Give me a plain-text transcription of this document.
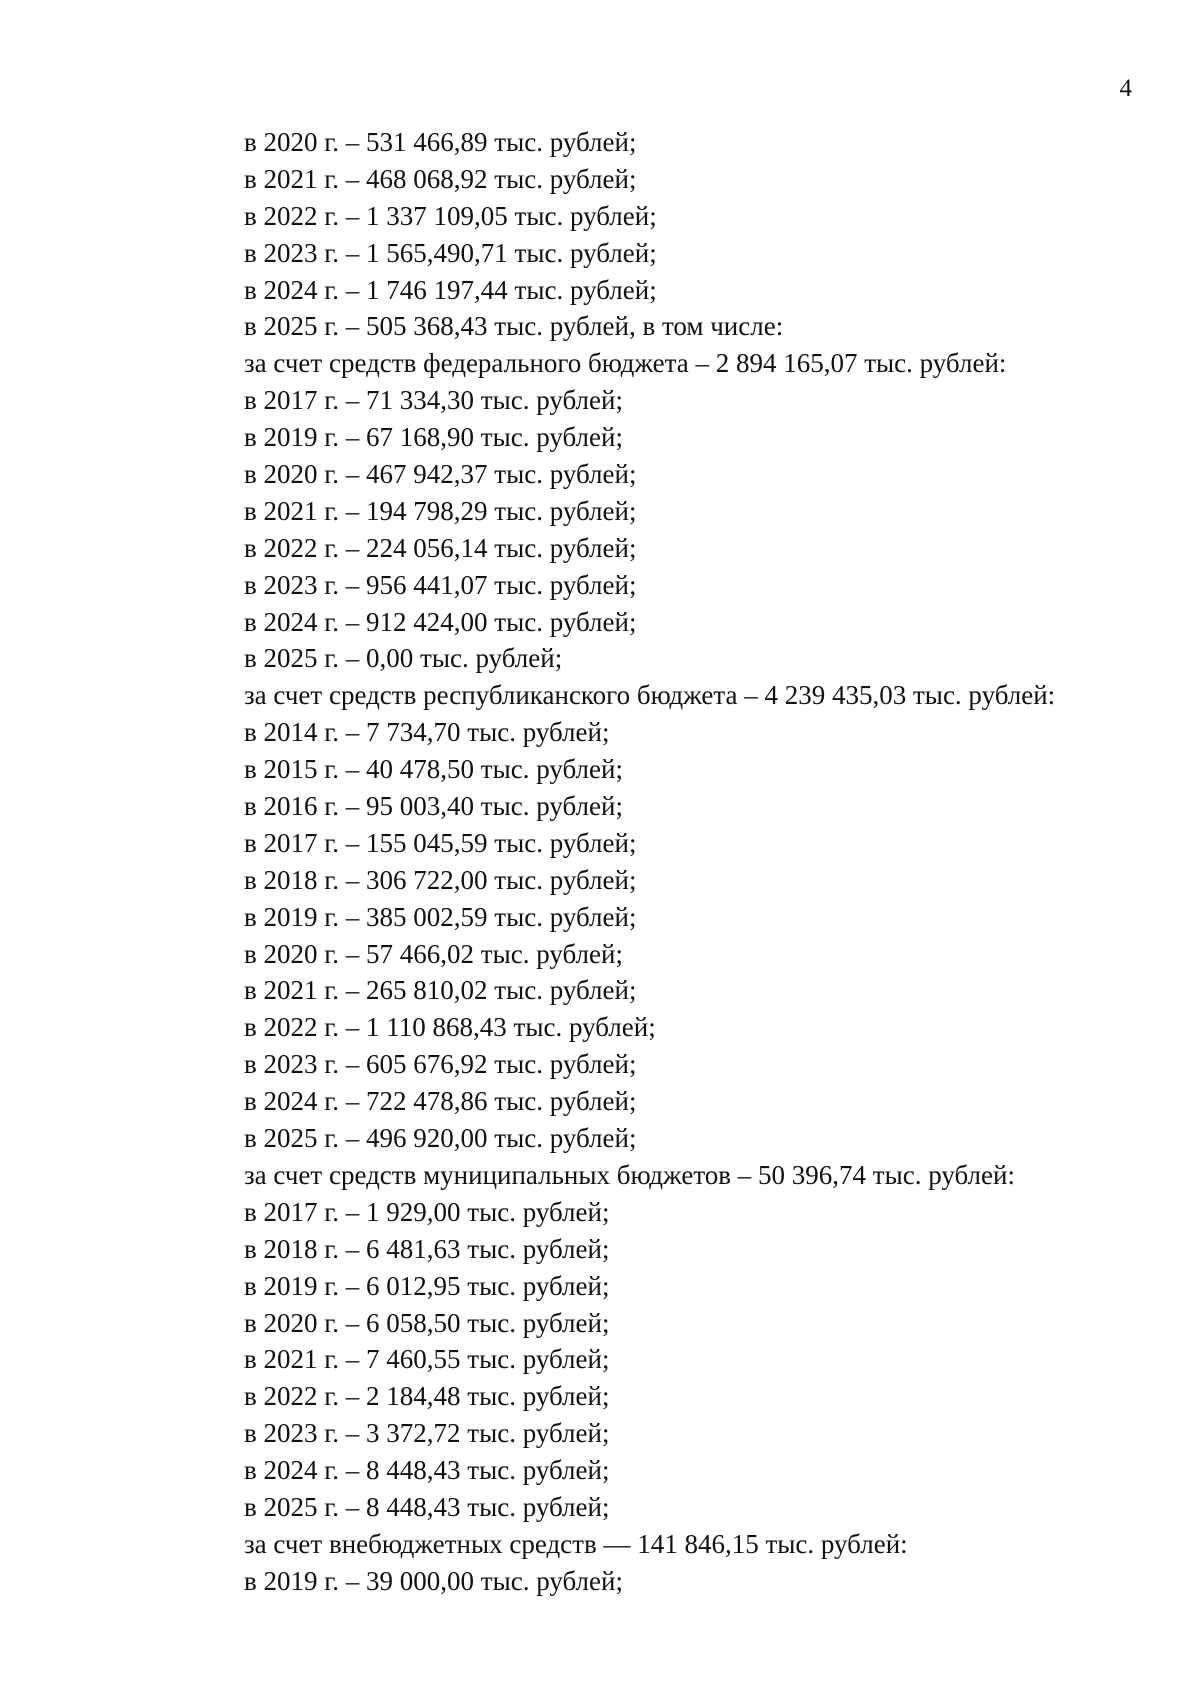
4
в 2020 г. – 531 466,89 тыс. рублей;
в 2021 г. – 468 068,92 тыс. рублей;
в 2022 г. – 1 337 109,05 тыс. рублей;
в 2023 г. – 1 565,490,71 тыс. рублей;
в 2024 г. – 1 746 197,44 тыс. рублей;
в 2025 г. – 505 368,43 тыс. рублей, в том числе:
за счет средств федерального бюджета – 2 894 165,07 тыс. рублей:
в 2017 г. – 71 334,30 тыс. рублей;
в 2019 г. – 67 168,90 тыс. рублей;
в 2020 г. – 467 942,37 тыс. рублей;
в 2021 г. – 194 798,29 тыс. рублей;
в 2022 г. – 224 056,14 тыс. рублей;
в 2023 г. – 956 441,07 тыс. рублей;
в 2024 г. – 912 424,00 тыс. рублей;
в 2025 г. – 0,00 тыс. рублей;
за счет средств республиканского бюджета – 4 239 435,03 тыс. рублей:
в 2014 г. – 7 734,70 тыс. рублей;
в 2015 г. – 40 478,50 тыс. рублей;
в 2016 г. – 95 003,40 тыс. рублей;
в 2017 г. – 155 045,59 тыс. рублей;
в 2018 г. – 306 722,00 тыс. рублей;
в 2019 г. – 385 002,59 тыс. рублей;
в 2020 г. – 57 466,02 тыс. рублей;
в 2021 г. – 265 810,02 тыс. рублей;
в 2022 г. – 1 110 868,43 тыс. рублей;
в 2023 г. – 605 676,92 тыс. рублей;
в 2024 г. – 722 478,86 тыс. рублей;
в 2025 г. – 496 920,00 тыс. рублей;
за счет средств муниципальных бюджетов – 50 396,74 тыс. рублей:
в 2017 г. – 1 929,00 тыс. рублей;
в 2018 г. – 6 481,63 тыс. рублей;
в 2019 г. – 6 012,95 тыс. рублей;
в 2020 г. – 6 058,50 тыс. рублей;
в 2021 г. – 7 460,55 тыс. рублей;
в 2022 г. – 2 184,48 тыс. рублей;
в 2023 г. – 3 372,72 тыс. рублей;
в 2024 г. – 8 448,43 тыс. рублей;
в 2025 г. – 8 448,43 тыс. рублей;
за счет внебюджетных средств — 141 846,15 тыс. рублей:
в 2019 г. – 39 000,00 тыс. рублей;
